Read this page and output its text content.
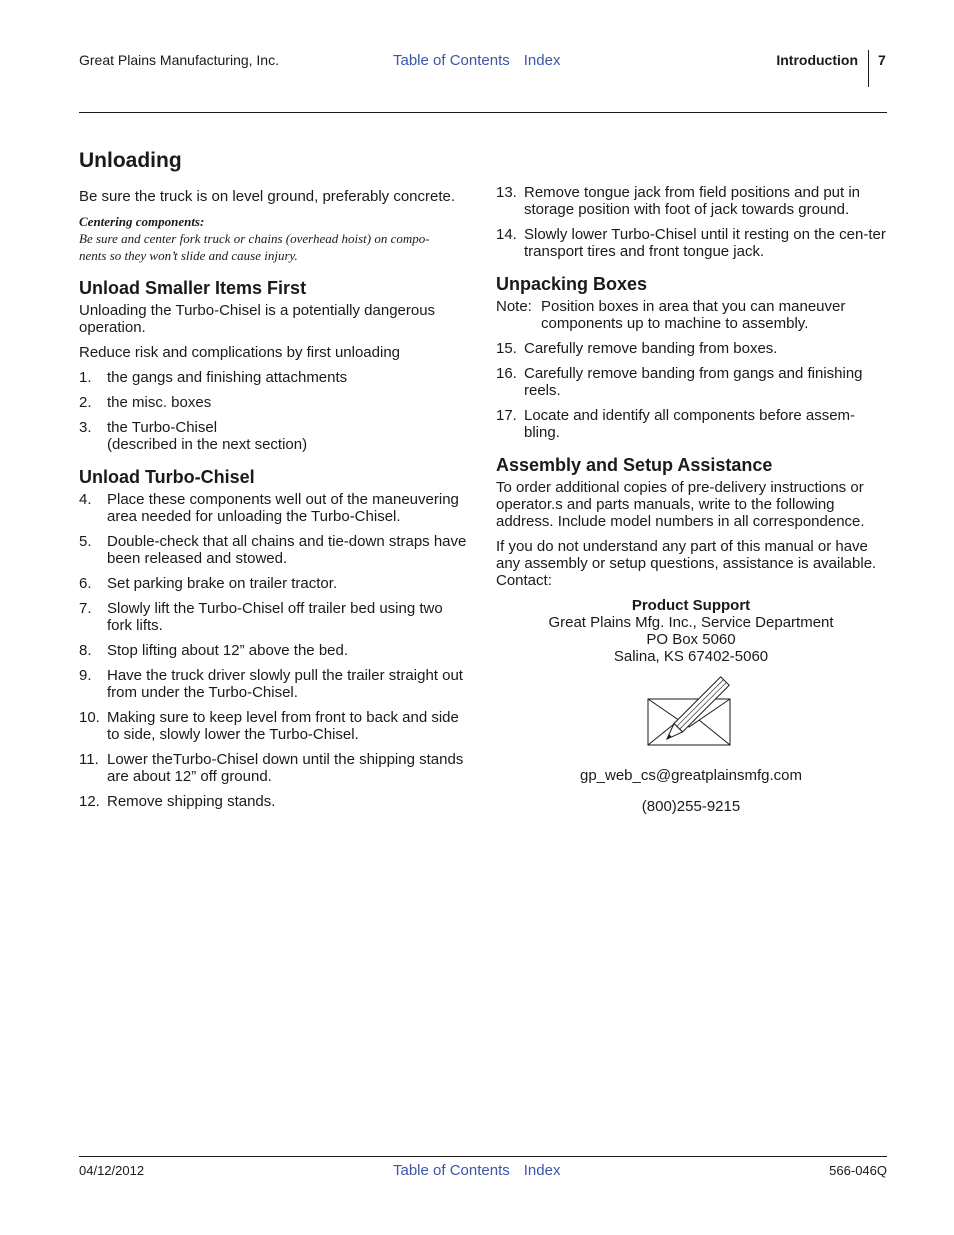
Great Plains Manufacturing, Inc.	Table of Contents Index	Introduction 7
Unloading

Be sure the truck is on level ground, preferably concrete.

Centering components:
Be sure and center fork truck or chains (overhead hoist) on compo-
nents so they won’t slide and cause injury.
Unload Smaller Items First

Unloading the Turbo-Chisel is a potentially dangerous operation.

Reduce risk and complications by first unloading

1. the gangs and finishing attachments
2. the misc. boxes
3. the Turbo-Chisel
(described in the next section)
Unload Turbo-Chisel
4. Place these components well out of the maneuvering area needed for unloading the Turbo-Chisel.
5. Double-check that all chains and tie-down straps have been released and stowed.
6. Set parking brake on trailer tractor.
7. Slowly lift the Turbo-Chisel off trailer bed using two fork lifts.
8. Stop lifting about 12” above the bed.
9. Have the truck driver slowly pull the trailer straight out from under the Turbo-Chisel.
10. Making sure to keep level from front to back and side to side, slowly lower the Turbo-Chisel.
11. Lower theTurbo-Chisel down until the shipping stands are about 12” off ground.
12. Remove shipping stands.
13. Remove tongue jack from field positions and put in storage position with foot of jack towards ground.
14. Slowly lower Turbo-Chisel until it resting on the cen-ter transport tires and front tongue jack.
Unpacking Boxes
Note: Position boxes in area that you can maneuver components up to machine to assembly.
15. Carefully remove banding from boxes.
16. Carefully remove banding from gangs and finishing reels.
17. Locate and identify all components before assem-bling.
Assembly and Setup Assistance

To order additional copies of pre-delivery instructions or operator.s and parts manuals, write to the following address. Include model numbers in all correspondence.

If you do not understand any part of this manual or have any assembly or setup questions, assistance is available. Contact:

Product Support
Great Plains Mfg. Inc., Service Department
PO Box 5060
Salina, KS 67402-5060
gp_web_cs@greatplainsmfg.com
(800)255-9215
04/12/2012	Table of Contents Index	566-046Q
